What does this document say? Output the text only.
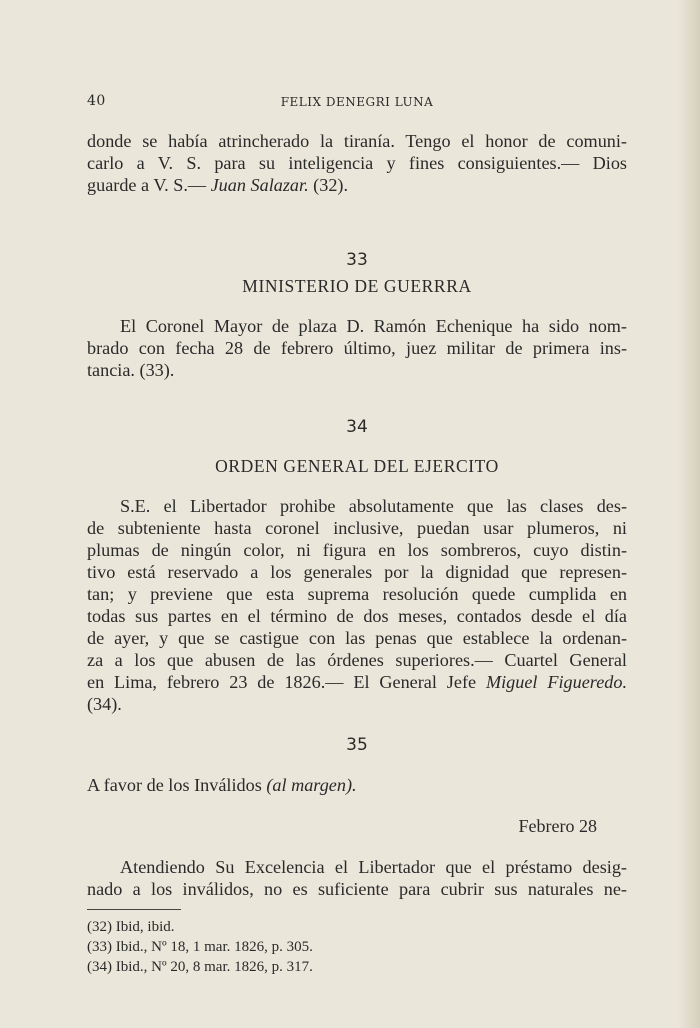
40	FELIX DENEGRI LUNA
donde se había atrincherado la tiranía. Tengo el honor de comuni-
carlo a V. S. para su inteligencia y fines consiguientes.— Dios
guarde a V. S.— Juan Salazar. (32).
33
MINISTERIO DE GUERRRA
El Coronel Mayor de plaza D. Ramón Echenique ha sido nom-
brado con fecha 28 de febrero último, juez militar de primera ins-
tancia. (33).
34
ORDEN GENERAL DEL EJERCITO
S.E. el Libertador prohibe absolutamente que las clases des-
de subteniente hasta coronel inclusive, puedan usar plumeros, ni
plumas de ningún color, ni figura en los sombreros, cuyo distin-
tivo está reservado a los generales por la dignidad que represen-
tan; y previene que esta suprema resolución quede cumplida en
todas sus partes en el término de dos meses, contados desde el día
de ayer, y que se castigue con las penas que establece la ordenan-
za a los que abusen de las órdenes superiores.— Cuartel General
en Lima, febrero 23 de 1826.— El General Jefe Miguel Figueredo.
(34).
35
A favor de los Inválidos (al margen).
Febrero 28
Atendiendo Su Excelencia el Libertador que el préstamo desig-
nado a los inválidos, no es suficiente para cubrir sus naturales ne-
(32) Ibid, ibid.
(33) Ibid., Nº 18, 1 mar. 1826, p. 305.
(34) Ibid., Nº 20, 8 mar. 1826, p. 317.
